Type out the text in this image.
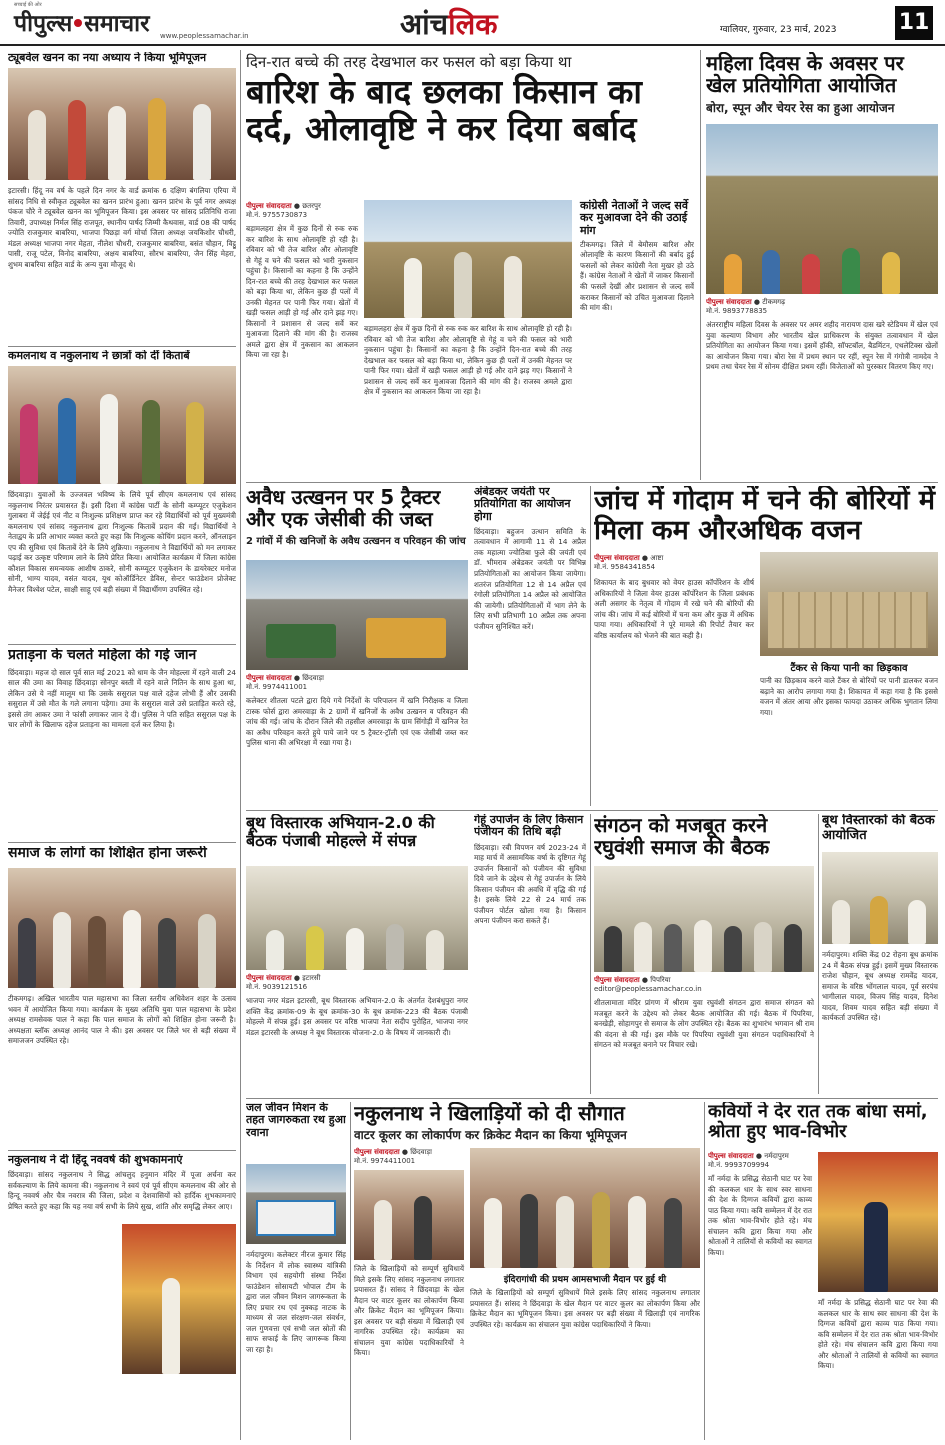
सच्चाई की ओर
पीपुल्स समाचार www.peoplessamachar.in	आंचलिक	ग्वालियर, गुरुवार, 23 मार्च, 2023	11
ट्यूबवेल खनन का नया अध्याय ने किया भूमिपूजन
इटारसी। हिंदू नव वर्ष के पहले दिन नगर के वार्ड क्रमांक 6 दक्षिण बंगलिया एरिया में सांसद निधि से स्वीकृत ट्यूबवेल का खनन प्रारंभ हुआ। खनन प्रारंभ के पूर्व नगर अध्यक्ष पंकज चौरे ने ट्यूबवेल खनन का भूमिपूजन किया। इस अवसर पर सांसद प्रतिनिधि राजा तिवारी, उपाध्यक्ष निर्मल सिंह राजपूत, स्थानीय पार्षद जिम्मी कैथवास, वार्ड 08 की पार्षद ज्योति राजकुमार बाबरिया, भाजपा पिछड़ा वर्ग मोर्चा जिला अध्यक्ष जयकिशोर चौधरी, मंडल अध्यक्ष भाजपा नगर मेहता, नीलेश चौधरी, राजकुमार बाबरिया, बसंत चौहान, विट्ठू पासी, राजू पटेल, विनोद बाबरिया, अक्षय बाबरिया, सौरभ बाबरिया, जैन सिंह मेहरा, शुभम बाबरिया सहित वार्ड के अन्य युवा मौजूद थे।
कमलनाथ व नकुलनाथ ने छात्रों को दीं किताबें
छिंदवाड़ा। युवाओं के उज्जवल भविष्य के लिये पूर्व सीएम कमलनाथ एवं सांसद नकुलनाथ निरंतर प्रयासरत हैं। इसी दिशा में कांग्रेस पार्टी के सोनी कम्प्यूटर एजुकेशन गुलाबरा में जेईई एवं नीट व निःशुल्क प्रशिक्षण प्राप्त कर रहे विद्यार्थियों को पूर्व मुख्यमंत्री कमलनाथ एवं सांसद नकुलनाथ द्वारा निःशुल्क किताबें प्रदान की गईं। विद्यार्थियों ने नेताद्वय के प्रति आभार व्यक्त करते हुए कहा कि निःशुल्क कोचिंग प्रदान करने, ऑनलाइन एप की सुविधा एवं किताबें देने के लिये शुक्रिया। नकुलनाथ ने विद्यार्थियों को मन लगाकर पढ़ाई कर उत्कृष्ट परिणाम लाने के लिये प्रेरित किया। आयोजित कार्यक्रम में जिला कांग्रेस कौशल विकास समन्वयक आशीष ठाकरे, सोनी कम्प्यूटर एजुकेशन के डायरेक्टर मनोज सोनी, भाग्य यादव, वसंत यादव, यूथ कोऑर्डिनेटर डेविस, सेन्टर फाउंडेशन प्रोजेक्ट मैनेजर विश्वेश पटेल, साक्षी साहू एवं बड़ी संख्या में विद्यार्थीगण उपस्थित रहे।
प्रताड़ना के चलते महिला की गई जान
छिंदवाड़ा। महज दो साल पूर्व सात मई 2021 को धाम के जैन मोहल्ला में रहने वाली 24 साल की उमा का विवाह छिंदवाड़ा सोनपुर बस्ती में रहने वाले नितिन के साथ हुआ था, लेकिन उसे ये नहीं मालूम था कि उसके ससुराल पक्ष वाले दहेज लोभी हैं और उसकी ससुराल में उसे मौत के गले लगाना पड़ेगा। उमा के ससुराल वाले उसे प्रताड़ित करते रहे, इससे तंग आकर उमा ने फांसी लगाकर जान दे दी। पुलिस ने पति सहित ससुराल पक्ष के चार लोगों के खिलाफ दहेज प्रताड़ना का मामला दर्ज कर लिया है।
समाज के लोगों का शिक्षित होना जरूरी
टीकमगढ़। अखिल भारतीय पाल महासभा का जिला स्तरीय अधिवेशन शहर के उत्सव भवन में आयोजित किया गया। कार्यक्रम के मुख्य अतिथि युवा पाल महासभा के प्रदेश अध्यक्ष रामसेवक पाल ने कहा कि पाल समाज के लोगों को शिक्षित होना जरूरी है। अध्यक्षता ब्लॉक अध्यक्ष आनंद पाल ने की। इस अवसर पर जिले भर से बड़ी संख्या में समाजजन उपस्थित रहे।
नकुलनाथ ने दी हिंदू नववर्ष की शुभकामनाएं
छिंदवाड़ा। सांसद नकुलनाथ ने सिद्ध आंचलुद हनुमान मंदिर में पूजा अर्चना कर सर्वकल्याण के लिये कामना की। नकुलनाथ ने स्वयं एवं पूर्व सीएम कमलनाथ की ओर से हिन्दू नववर्ष और चैत्र नवरात्र की जिला, प्रदेश व देशवासियों को हार्दिक शुभकामनाएं प्रेषित करते हुए कहा कि यह नया वर्ष सभी के लिये सुख, शांति और समृद्धि लेकर आए।
दिन-रात बच्चे की तरह देखभाल कर फसल को बड़ा किया था
बारिश के बाद छलका किसान का दर्द, ओलावृष्टि ने कर दिया बर्बाद
पीपुल्स संवाददाता ● छतरपुर
मो.नं. 9755730873
बड़ामलहरा क्षेत्र में कुछ दिनों से रुक रुक कर बारिश के साथ ओलावृष्टि हो रही है। रविवार को भी तेज बारिश और ओलावृष्टि से गेहूं व चने की फसल को भारी नुकसान पहुंचा है। किसानों का कहना है कि उन्होंने दिन-रात बच्चे की तरह देखभाल कर फसल को बड़ा किया था, लेकिन कुछ ही पलों में उनकी मेहनत पर पानी फिर गया। खेतों में खड़ी फसल आड़ी हो गई और दाने झड़ गए। किसानों ने प्रशासन से जल्द सर्वे कर मुआवजा दिलाने की मांग की है। राजस्व अमले द्वारा क्षेत्र में नुकसान का आकलन किया जा रहा है।
बड़ामलहरा क्षेत्र में कुछ दिनों से रुक रुक कर बारिश के साथ ओलावृष्टि हो रही है। रविवार को भी तेज बारिश और ओलावृष्टि से गेहूं व चने की फसल को भारी नुकसान पहुंचा है। किसानों का कहना है कि उन्होंने दिन-रात बच्चे की तरह देखभाल कर फसल को बड़ा किया था, लेकिन कुछ ही पलों में उनकी मेहनत पर पानी फिर गया। खेतों में खड़ी फसल आड़ी हो गई और दाने झड़ गए। किसानों ने प्रशासन से जल्द सर्वे कर मुआवजा दिलाने की मांग की है। राजस्व अमले द्वारा क्षेत्र में नुकसान का आकलन किया जा रहा है।
कांग्रेसी नेताओं ने जल्द सर्वे कर मुआवजा देने की उठाई मांग
टीकमगढ़। जिले में बेमौसम बारिश और ओलावृष्टि के कारण किसानों की बर्बाद हुई फसलों को लेकर कांग्रेसी नेता मुखर हो उठे हैं। कांग्रेस नेताओं ने खेतों में जाकर किसानों की फसलें देखीं और प्रशासन से जल्द सर्वे कराकर किसानों को उचित मुआवजा दिलाने की मांग की।
महिला दिवस के अवसर पर खेल प्रतियोगिता आयोजित
बोरा, स्पून और चेयर रेस का हुआ आयोजन
पीपुल्स संवाददाता ● टीकमगढ़
मो.नं. 9893778835
अंतरराष्ट्रीय महिला दिवस के अवसर पर अमर शहीद नारायण दास खरे स्टेडियम में खेल एवं युवा कल्याण विभाग और भारतीय खेल प्राधिकरण के संयुक्त तत्वावधान में खेल प्रतियोगिता का आयोजन किया गया। इसमें हॉकी, सॉफ्टबॉल, बैडमिंटन, एथलेटिक्स खेलों का आयोजन किया गया। बोरा रेस में प्रथम स्थान पर रहीं, स्पून रेस में गंगोत्री नामदेव ने प्रथम तथा चेयर रेस में सोनम दीक्षित प्रथम रहीं। विजेताओं को पुरस्कार वितरण किए गए।
अवैध उत्खनन पर 5 ट्रैक्टर और एक जेसीबी की जब्त
2 गांवों में की खनिजों के अवैध उत्खनन व परिवहन की जांच
पीपुल्स संवाददाता ● छिंदवाड़ा
मो.नं. 9974411001
कलेक्टर शीतला पटले द्वारा दिये गये निर्देशों के परिपालन में खनि निरीक्षक व जिला टास्क फोर्स द्वारा अमरवाड़ा के 2 ग्रामों में खनिजों के अवैध उत्खनन व परिवहन की जांच की गई। जांच के दौरान जिले की तहसील अमरवाड़ा के ग्राम सिंगोड़ी में खनिज रेत का अवैध परिवहन करते हुये पाये जाने पर 5 ट्रैक्टर-ट्रॉली एवं एक जेसीबी जब्त कर पुलिस थाना की अभिरक्षा में रखा गया है।
अंबेडकर जयंती पर प्रतियोगिता का आयोजन होगा
छिंदवाड़ा। बहुजन उत्थान समिति के तत्वावधान में आगामी 11 से 14 अप्रैल तक महात्मा ज्योतिबा फुले की जयंती एवं डॉ. भीमराव अंबेडकर जयंती पर विभिन्न प्रतियोगिताओं का आयोजन किया जायेगा। शतरंज प्रतियोगिता 12 से 14 अप्रैल एवं रंगोली प्रतियोगिता 14 अप्रैल को आयोजित की जायेगी। प्रतियोगिताओं में भाग लेने के लिए सभी प्रतिभागी 10 अप्रैल तक अपना पंजीयन सुनिश्चित करें।
जांच में गोदाम में चने की बोरियों में मिला कम औरअधिक वजन
पीपुल्स संवाददाता ● आष्टा
मो.नं. 9584341854
शिकायत के बाद बुधवार को वेयर हाउस कॉर्पोरेशन के शीर्ष अधिकारियों ने जिला वेयर हाउस कॉर्पोरेशन के जिला प्रबंधक अली असगर के नेतृत्व में गोदाम में रखे चने की बोरियों की जांच की। जांच में कई बोरियों में चना कम और कुछ में अधिक पाया गया। अधिकारियों ने पूरे मामले की रिपोर्ट तैयार कर वरिष्ठ कार्यालय को भेजने की बात कही है।
टैंकर से किया पानी का छिड़काव
पानी का छिड़काव करने वाले टैंकर से बोरियों पर पानी डालकर वजन बढ़ाने का आरोप लगाया गया है। शिकायत में कहा गया है कि इससे वजन में अंतर आया और इसका फायदा उठाकर अधिक भुगतान लिया गया।
बूथ विस्तारक अभियान-2.0 की बैठक पंजाबी मोहल्ले में संपन्न
पीपुल्स संवाददाता ● इटारसी
मो.नं. 9039121516
भाजपा नगर मंडल इटारसी, बूथ विस्तारक अभियान-2.0 के अंतर्गत देशबंधुपुरा नगर शक्ति केंद्र क्रमांक-09 के बूथ क्रमांक-30 के बूथ क्रमांक-223 की बैठक पंजाबी मोहल्ले में संपन्न हुई। इस अवसर पर वरिष्ठ भाजपा नेता सदीप पुरोहित, भाजपा नगर मंडल इटारसी के अध्यक्ष ने बूथ विस्तारक योजना-2.0 के विषय में जानकारी दी।
गेहूं उपार्जन के लिए किसान पंजीयन की तिथि बढ़ी
छिंदवाड़ा। रबी विपणन वर्ष 2023-24 में माह मार्च में असामयिक वर्षा के दृष्टिगत गेहूं उपार्जन किसानों को पंजीयन की सुविधा दिये जाने के उद्देश्य से गेहूं उपार्जन के लिये किसान पंजीयन की अवधि में वृद्धि की गई है। इसके लिये 22 से 24 मार्च तक पंजीयन पोर्टल खोला गया है। किसान अपना पंजीयन करा सकते हैं।
संगठन को मजबूत करने रघुवंशी समाज की बैठक
पीपुल्स संवाददाता ● पिपरिया
editor@peoplessamachar.co.in
शीतलामाता मंदिर प्रांगण में श्रीराम युवा रघुवंशी संगठन द्वारा समाज संगठन को मजबूत करने के उद्देश्य को लेकर बैठक आयोजित की गई। बैठक में पिपरिया, बनखेड़ी, सोहागपुर से समाज के लोग उपस्थित रहे। बैठक का शुभारंभ भगवान श्री राम की वंदना से की गई। इस मौके पर पिपरिया रघुवंशी युवा संगठन पदाधिकारियों ने संगठन को मजबूत बनाने पर विचार रखे।
बूथ विस्तारकों की बैठक आयोजित
नर्मदापुरम। शक्ति केंद्र 02 रोहना बूथ क्रमांक 24 में बैठक संपन्न हुई। इसमें मुख्य विस्तारक राजेश चौहान, बूथ अध्यक्ष रामवेंद्र यादव, समाज के वरिष्ठ भोंगलाल यादव, पूर्व सरपंच भागीलाल यादव, विजय सिंह यादव, दिनेश यादव, शिवम यादव सहित बड़ी संख्या में कार्यकर्ता उपस्थित रहे।
जल जीवन मिशन के तहत जागरुकता रथ हुआ रवाना
नर्मदापुरम। कलेक्टर नीरज कुमार सिंह के निर्देशन में लोक स्वास्थ्य यांत्रिकी विभाग एवं सहयोगी संस्था निर्देश फाउंडेशन सोसायटी भोपाल टीम के द्वारा जल जीवन मिशन जागरूकता के लिए प्रचार रथ एवं नुक्कड़ नाटक के माध्यम से जल संरक्षण-जल संवर्धन, जल गुणवत्ता एवं सभी जल स्रोतों की साफ सफाई के लिए जागरूक किया जा रहा है।
नकुलनाथ ने खिलाड़ियों को दी सौगात
वाटर कूलर का लोकार्पण कर क्रिकेट मैदान का किया भूमिपूजन
पीपुल्स संवाददाता ● छिंदवाड़ा
मो.नं. 9974411001
जिले के खिलाड़ियों को सम्पूर्ण सुविधायें मिले इसके लिए सांसद नकुलनाथ लगातार प्रयासरत हैं। सांसद ने छिंदवाड़ा के खेल मैदान पर वाटर कूलर का लोकार्पण किया और क्रिकेट मैदान का भूमिपूजन किया। इस अवसर पर बड़ी संख्या में खिलाड़ी एवं नागरिक उपस्थित रहे। कार्यक्रम का संचालन युवा कांग्रेस पदाधिकारियों ने किया।
इंदिरागांधी की प्रथम आमसभाजी मैदान पर हुई थी
जिले के खिलाड़ियों को सम्पूर्ण सुविधायें मिले इसके लिए सांसद नकुलनाथ लगातार प्रयासरत हैं। सांसद ने छिंदवाड़ा के खेल मैदान पर वाटर कूलर का लोकार्पण किया और क्रिकेट मैदान का भूमिपूजन किया। इस अवसर पर बड़ी संख्या में खिलाड़ी एवं नागरिक उपस्थित रहे। कार्यक्रम का संचालन युवा कांग्रेस पदाधिकारियों ने किया।
कवियों ने देर रात तक बांधा समां, श्रोता हुए भाव-विभोर
पीपुल्स संवाददाता ● नर्मदापुरम
मो.नं. 9993709994
माँ नर्मदा के प्रसिद्ध सेठानी घाट पर रेवा की कलकल धार के साथ स्वर साधना की देश के दिग्गज कवियों द्वारा काव्य पाठ किया गया। कवि सम्मेलन में देर रात तक श्रोता भाव-विभोर होते रहे। मंच संचालन कवि द्वारा किया गया और श्रोताओं ने तालियों से कवियों का स्वागत किया।
माँ नर्मदा के प्रसिद्ध सेठानी घाट पर रेवा की कलकल धार के साथ स्वर साधना की देश के दिग्गज कवियों द्वारा काव्य पाठ किया गया। कवि सम्मेलन में देर रात तक श्रोता भाव-विभोर होते रहे। मंच संचालन कवि द्वारा किया गया और श्रोताओं ने तालियों से कवियों का स्वागत किया।
